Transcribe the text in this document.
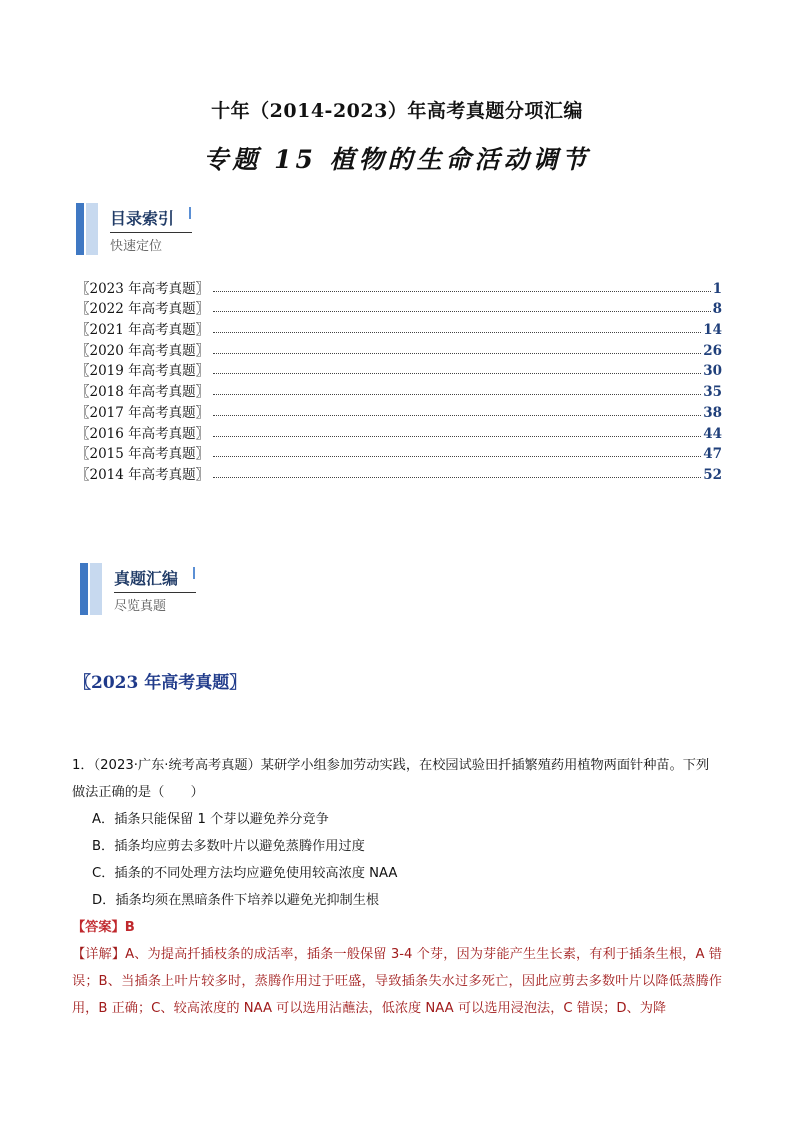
十年（2014-2023）年高考真题分项汇编
专题 15 植物的生命活动调节
目录索引
快速定位
〖2023 年高考真题〗	1
〖2022 年高考真题〗	8
〖2021 年高考真题〗	14
〖2020 年高考真题〗	26
〖2019 年高考真题〗	30
〖2018 年高考真题〗	35
〖2017 年高考真题〗	38
〖2016 年高考真题〗	44
〖2015 年高考真题〗	47
〖2014 年高考真题〗	52
真题汇编
尽览真题
〖2023 年高考真题〗

1．（2023·广东·统考高考真题）某研学小组参加劳动实践，在校园试验田扦插繁殖药用植物两面针种苗。下列做法正确的是（　　）

A．插条只能保留 1 个芽以避免养分竞争

B．插条均应剪去多数叶片以避免蒸腾作用过度

C．插条的不同处理方法均应避免使用较高浓度 NAA

D．插条均须在黑暗条件下培养以避免光抑制生根

【答案】B

【详解】A、为提高扦插枝条的成活率，插条一般保留 3-4 个芽，因为芽能产生生长素，有利于插条生根，A 错误；B、当插条上叶片较多时，蒸腾作用过于旺盛，导致插条失水过多死亡，因此应剪去多数叶片以降低蒸腾作用，B 正确；C、较高浓度的 NAA 可以选用沾蘸法，低浓度 NAA 可以选用浸泡法，C 错误；D、为降
